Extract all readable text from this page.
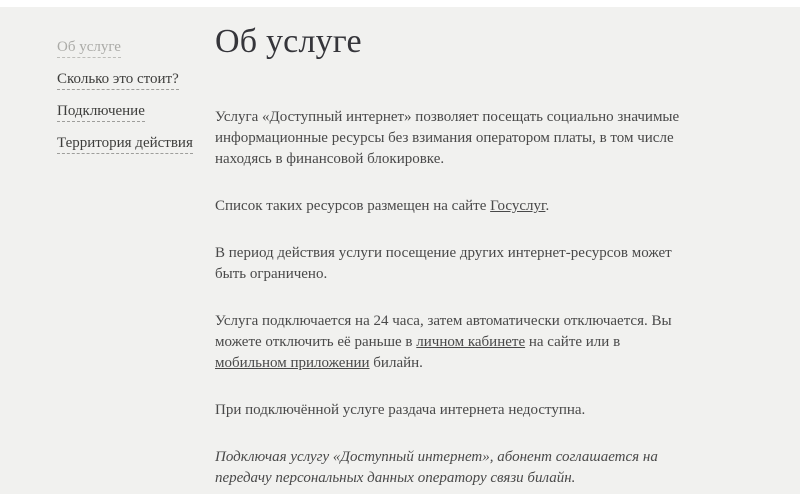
Об услуге
Сколько это стоит?
Подключение
Территория действия
Об услуге

Услуга «Доступный интернет» позволяет посещать социально значимые информационные ресурсы без взимания оператором платы, в том числе находясь в финансовой блокировке.

Список таких ресурсов размещен на сайте Госуслуг.

В период действия услуги посещение других интернет-ресурсов может быть ограничено.

Услуга подключается на 24 часа, затем автоматически отключается. Вы можете отключить её раньше в личном кабинете на сайте или в мобильном приложении билайн.

При подключённой услуге раздача интернета недоступна.

Подключая услугу «Доступный интернет», абонент соглашается на передачу персональных данных оператору связи билайн.
